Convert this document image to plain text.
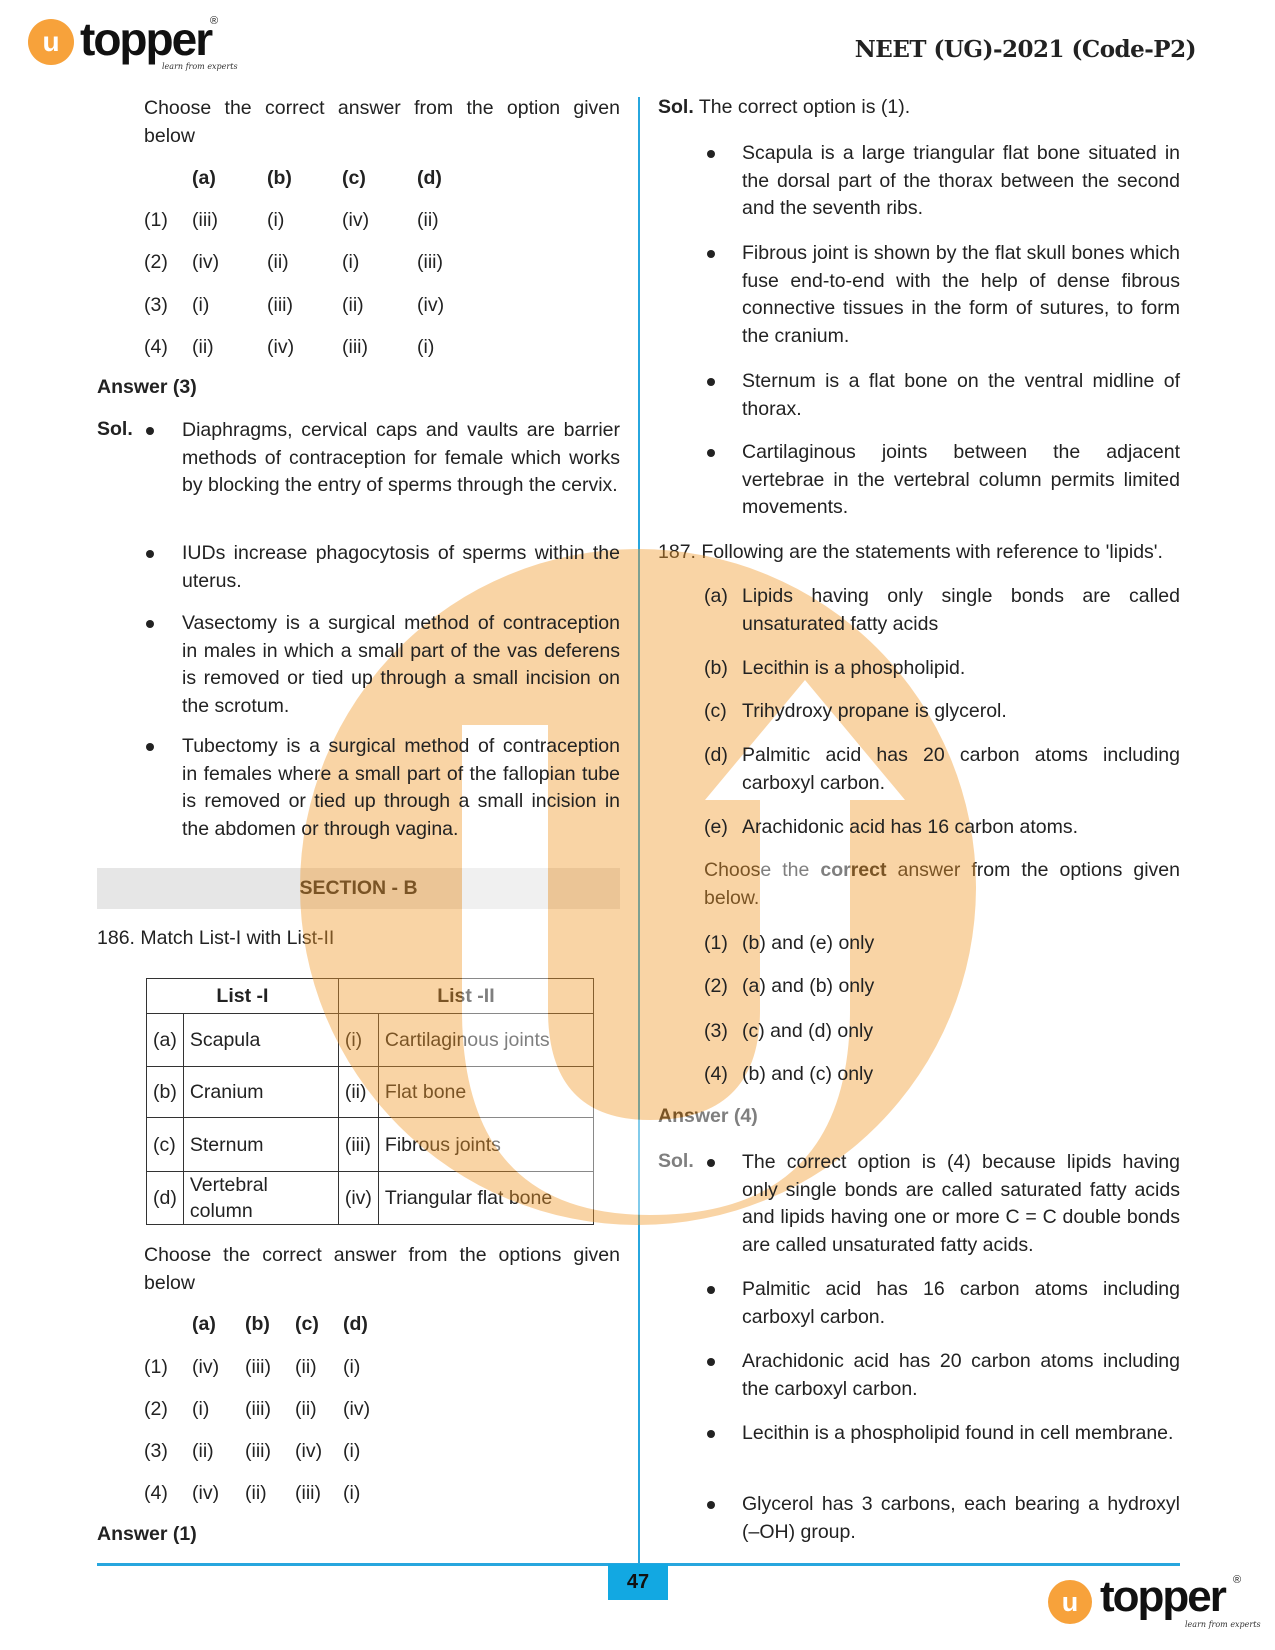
u topper
®
learn from experts
NEET (UG)-2021 (Code-P2)
Choose the correct answer from the option given below
Answer (3)
Sol.
SECTION - B
186. Match List-I with List-II
List -I		List -II	
(a)	Scapula	(i)	Cartilaginous joints
(b)	Cranium	(ii)	Flat bone
(c)	Sternum	(iii)	Fibrous joints
(d)	Vertebral column	(iv)	Triangular flat bone
Choose the correct answer from the options given below
Answer (1)
Sol. The correct option is (1).
187. Following are the statements with reference to 'lipids'.
Choose the correct answer from the options given below.
Answer (4)
Sol.
47
u topper ®
learn from experts
(a)	(b)	(c)	(d)
(1) (iii)	(i)	(iv) (ii)
(2) (iv) (ii)	(i)	(iii)
(3) (i)	(iii)	(ii)	(iv)
(4) (ii)	(iv) (iii)	(i)
(a) (b) (c) (d)
(1) (iv) (iii) (ii) (i)
(2) (i) (iii) (ii) (iv)
(3) (ii) (iii) (iv) (i)
(4) (iv) (ii) (iii) (i)
Diaphragms, cervical caps and vaults are barrier methods of contraception for female which works by blocking the entry of sperms through the cervix.
IUDs increase phagocytosis of sperms within the uterus.
Vasectomy is a surgical method of contraception in males in which a small part of the vas deferens is removed or tied up through a small incision on the scrotum.
Tubectomy is a surgical method of contraception in females where a small part of the fallopian tube is removed or tied up through a small incision in the abdomen or through vagina.
Scapula is a large triangular flat bone situated in the dorsal part of the thorax between the second and the seventh ribs.
Fibrous joint is shown by the flat skull bones which fuse end-to-end with the help of dense fibrous connective tissues in the form of sutures, to form the cranium.
Sternum is a flat bone on the ventral midline of thorax.
Cartilaginous joints between the adjacent vertebrae in the vertebral column permits limited movements.
The correct option is (4) because lipids having only single bonds are called saturated fatty acids and lipids having one or more C = C double bonds are called unsaturated fatty acids.
Palmitic acid has 16 carbon atoms including carboxyl carbon.
Arachidonic acid has 20 carbon atoms including the carboxyl carbon.
Lecithin is a phospholipid found in cell membrane.
Glycerol has 3 carbons, each bearing a hydroxyl (–OH) group.
(a) Lipids having only single bonds are called unsaturated fatty acids
(b) Lecithin is a phospholipid.
(c) Trihydroxy propane is glycerol.
(d) Palmitic acid has 20 carbon atoms including carboxyl carbon.
(e) Arachidonic acid has 16 carbon atoms.
(1) (b) and (e) only
(2) (a) and (b) only
(3) (c) and (d) only
(4) (b) and (c) only
